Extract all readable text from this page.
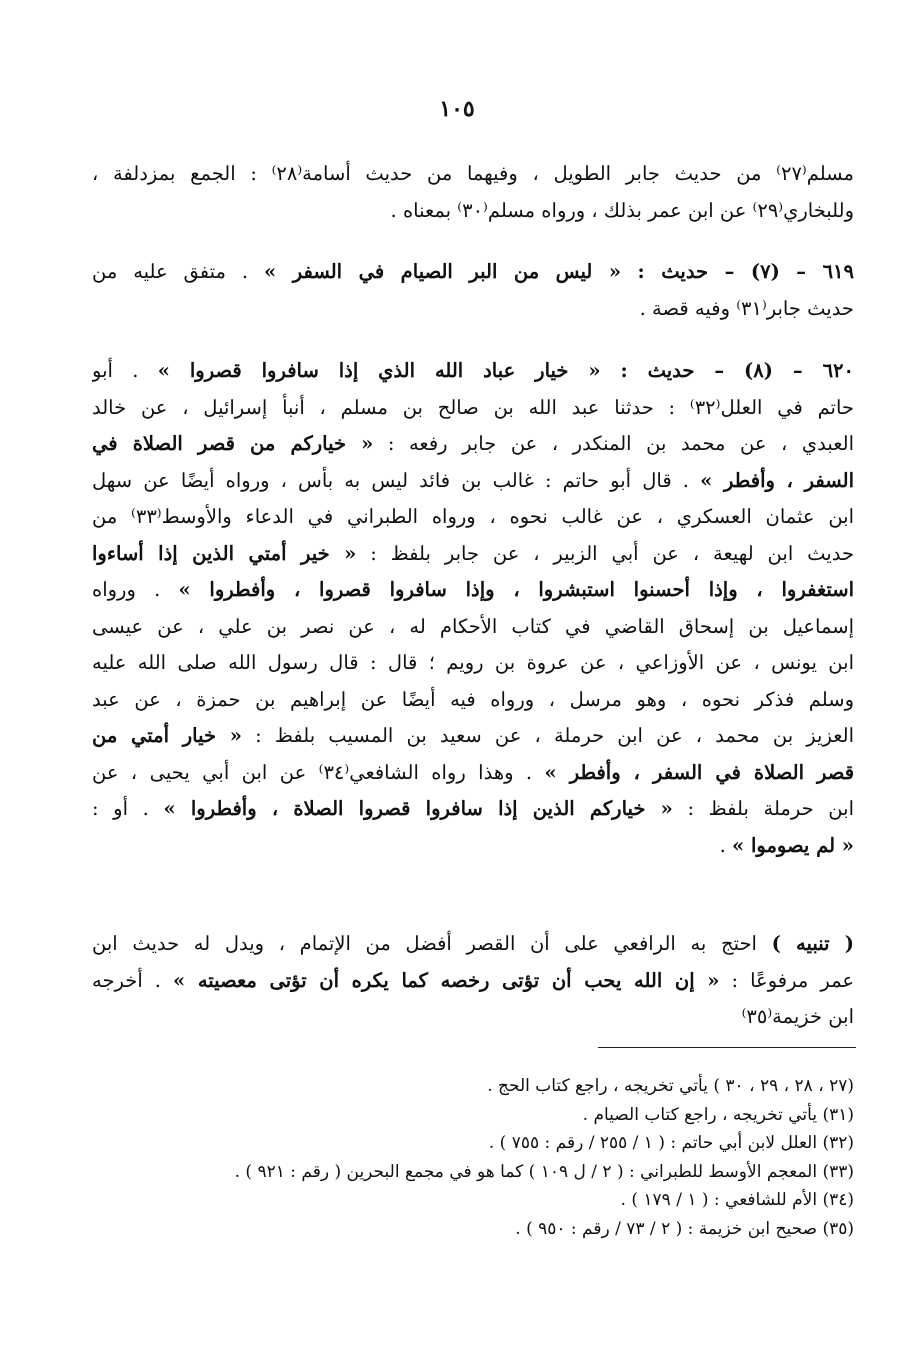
١٠٥
مسلم⁽٢٧⁾ من حديث جابر الطويل ، وفيهما من حديث أسامة⁽٢٨⁾ : الجمع بمزدلفة ،
وللبخاري⁽٢٩⁾ عن ابن عمر بذلك ، ورواه مسلم⁽٣٠⁾ بمعناه .
٦١٩ – (٧) – حديث : « ليس من البر الصيام في السفر » . متفق عليه من
حديث جابر⁽٣١⁾ وفيه قصة .
٦٢٠ – (٨) – حديث : « خيار عباد الله الذي إذا سافروا قصروا » . أبو
حاتم في العلل⁽٣٢⁾ : حدثنا عبد الله بن صالح بن مسلم ، أنبأ إسرائيل ، عن خالد
العبدي ، عن محمد بن المنكدر ، عن جابر رفعه : « خياركم من قصر الصلاة في
السفر ، وأفطر » . قال أبو حاتم : غالب بن فائد ليس به بأس ، ورواه أيضًا عن سهل
ابن عثمان العسكري ، عن غالب نحوه ، ورواه الطبراني في الدعاء والأوسط⁽٣٣⁾ من
حديث ابن لهيعة ، عن أبي الزبير ، عن جابر بلفظ : « خير أمتي الذين إذا أساءوا
استغفروا ، وإذا أحسنوا استبشروا ، وإذا سافروا قصروا ، وأفطروا » . ورواه
إسماعيل بن إسحاق القاضي في كتاب الأحكام له ، عن نصر بن علي ، عن عيسى
ابن يونس ، عن الأوزاعي ، عن عروة بن رويم ؛ قال : قال رسول الله صلى الله عليه
وسلم فذكر نحوه ، وهو مرسل ، ورواه فيه أيضًا عن إبراهيم بن حمزة ، عن عبد
العزيز بن محمد ، عن ابن حرملة ، عن سعيد بن المسيب بلفظ : « خيار أمتي من
قصر الصلاة في السفر ، وأفطر » . وهذا رواه الشافعي⁽٣٤⁾ عن ابن أبي يحيى ، عن
ابن حرملة بلفظ : « خياركم الذين إذا سافروا قصروا الصلاة ، وأفطروا » . أو :
« لم يصوموا » .
( تنبيه ) احتج به الرافعي على أن القصر أفضل من الإتمام ، ويدل له حديث ابن
عمر مرفوعًا : « إن الله يحب أن تؤتى رخصه كما يكره أن تؤتى معصيته » . أخرجه
ابن خزيمة⁽٣٥⁾
(٢٧ ، ٢٨ ، ٢٩ ، ٣٠ ) يأتي تخريجه ، راجع كتاب الحج .
(٣١) يأتي تخريجه ، راجع كتاب الصيام .
(٣٢) العلل لابن أبي حاتم : ( ١ / ٢٥٥ / رقم : ٧٥٥ ) .
(٣٣) المعجم الأوسط للطبراني : ( ٢ / ل ١٠٩ ) كما هو في مجمع البحرين ( رقم : ٩٢١ ) .
(٣٤) الأم للشافعي : ( ١ / ١٧٩ ) .
(٣٥) صحيح ابن خزيمة : ( ٢ / ٧٣ / رقم : ٩٥٠ ) .
